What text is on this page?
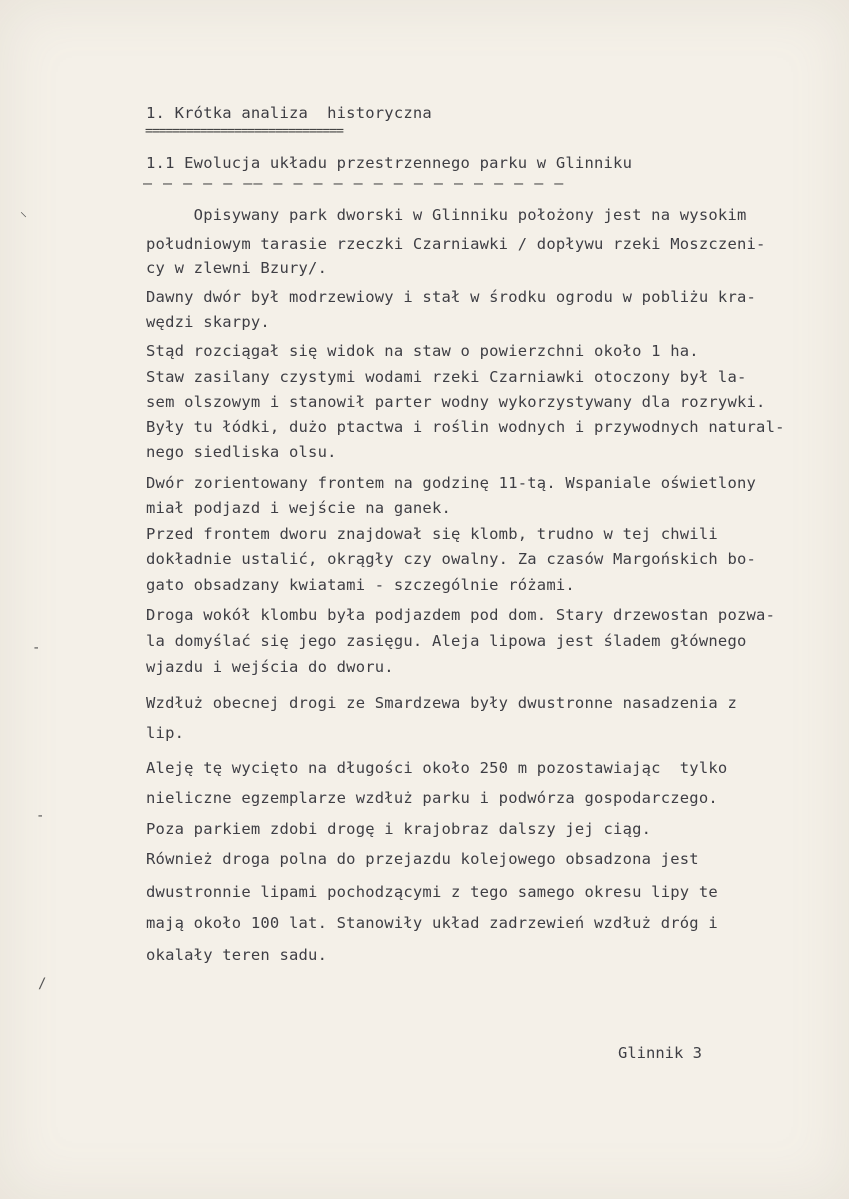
1. Krótka analiza  historyczna
=============================
1.1 Ewolucja układu przestrzennego parku w Glinniku
— — — — — —— — — — — — — — — — — — — — — —
Opisywany park dworski w Glinniku położony jest na wysokim
południowym tarasie rzeczki Czarniawki / dopływu rzeki Moszczeni-
cy w zlewni Bzury/.
Dawny dwór był modrzewiowy i stał w środku ogrodu w pobliżu kra-
wędzi skarpy.
Stąd rozciągał się widok na staw o powierzchni około 1 ha.
Staw zasilany czystymi wodami rzeki Czarniawki otoczony był la-
sem olszowym i stanowił parter wodny wykorzystywany dla rozrywki.
Były tu łódki, dużo ptactwa i roślin wodnych i przywodnych natural-
nego siedliska olsu.
Dwór zorientowany frontem na godzinę 11-tą. Wspaniale oświetlony
miał podjazd i wejście na ganek.
Przed frontem dworu znajdował się klomb, trudno w tej chwili
dokładnie ustalić, okrągły czy owalny. Za czasów Margońskich bo-
gato obsadzany kwiatami - szczególnie różami.
Droga wokół klombu była podjazdem pod dom. Stary drzewostan pozwa-
la domyślać się jego zasięgu. Aleja lipowa jest śladem głównego
wjazdu i wejścia do dworu.
Wzdłuż obecnej drogi ze Smardzewa były dwustronne nasadzenia z
lip.
Aleję tę wycięto na długości około 250 m pozostawiając  tylko
nieliczne egzemplarze wzdłuż parku i podwórza gospodarczego.
Poza parkiem zdobi drogę i krajobraz dalszy jej ciąg.
Również droga polna do przejazdu kolejowego obsadzona jest
dwustronnie lipami pochodzącymi z tego samego okresu lipy te
mają około 100 lat. Stanowiły układ zadrzewień wzdłuż dróg i
okalały teren sadu.
⸌
-
-
/
Glinnik 3
